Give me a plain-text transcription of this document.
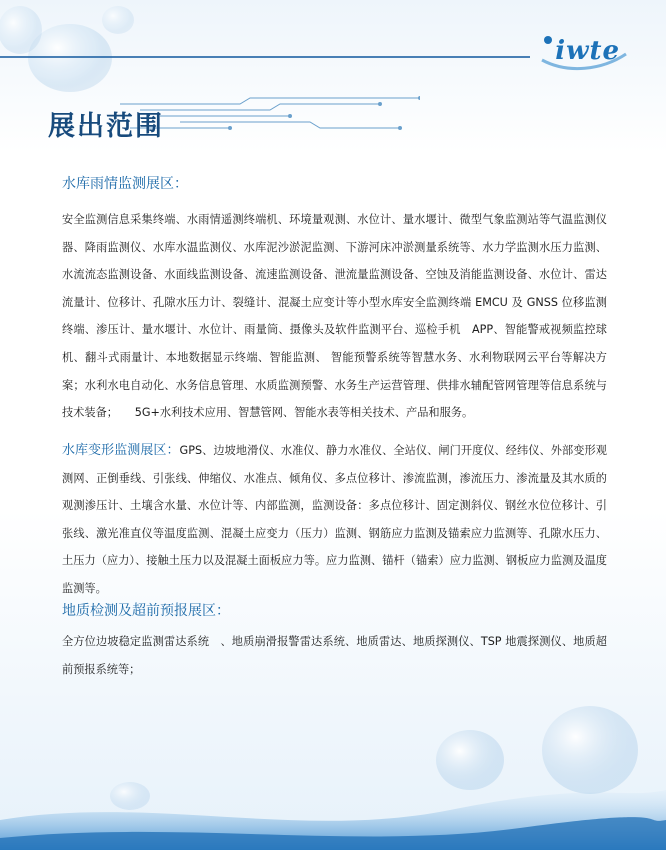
iwte
展出范围

水库雨情监测展区：

安全监测信息采集终端、水雨情遥测终端机、环境量观测、水位计、量水堰计、微型气象监测站等气温监测仪器、降雨监测仪、水库水温监测仪、水库泥沙淤泥监测、下游河床冲淤测量系统等、水力学监测水压力监测、水流流态监测设备、水面线监测设备、流速监测设备、泄流量监测设备、空蚀及消能监测设备、水位计、雷达流量计、位移计、孔隙水压力计、裂缝计、混凝土应变计等小型水库安全监测终端 EMCU 及 GNSS 位移监测终端、渗压计、量水堰计、水位计、雨量筒、摄像头及软件监测平台、巡检手机　APP、智能警戒视频监控球机、翻斗式雨量计、本地数据显示终端、智能监测、 智能预警系统等智慧水务、水利物联网云平台等解决方案；水利水电自动化、水务信息管理、水质监测预警、水务生产运营管理、供排水辅配管网管理等信息系统与技术装备；　　5G+水利技术应用、智慧管网、智能水表等相关技术、产品和服务。

水库变形监测展区：GPS、边坡地滑仪、水准仪、静力水准仪、全站仪、闸门开度仪、经纬仪、外部变形观测网、正倒垂线、引张线、伸缩仪、水准点、倾角仪、多点位移计、渗流监测，渗流压力、渗流量及其水质的观测渗压计、土壤含水量、水位计等、内部监测，监测设备：多点位移计、固定测斜仪、钢丝水位位移计、引张线、激光准直仪等温度监测、混凝土应变力（压力）监测、钢筋应力监测及锚索应力监测等、孔隙水压力、土压力（应力）、接触土压力以及混凝土面板应力等。应力监测、锚杆（锚索）应力监测、钢板应力监测及温度监测等。

地质检测及超前预报展区：

全方位边坡稳定监测雷达系统　、地质崩滑报警雷达系统、地质雷达、地质探测仪、TSP 地震探测仪、地质超前预报系统等；
